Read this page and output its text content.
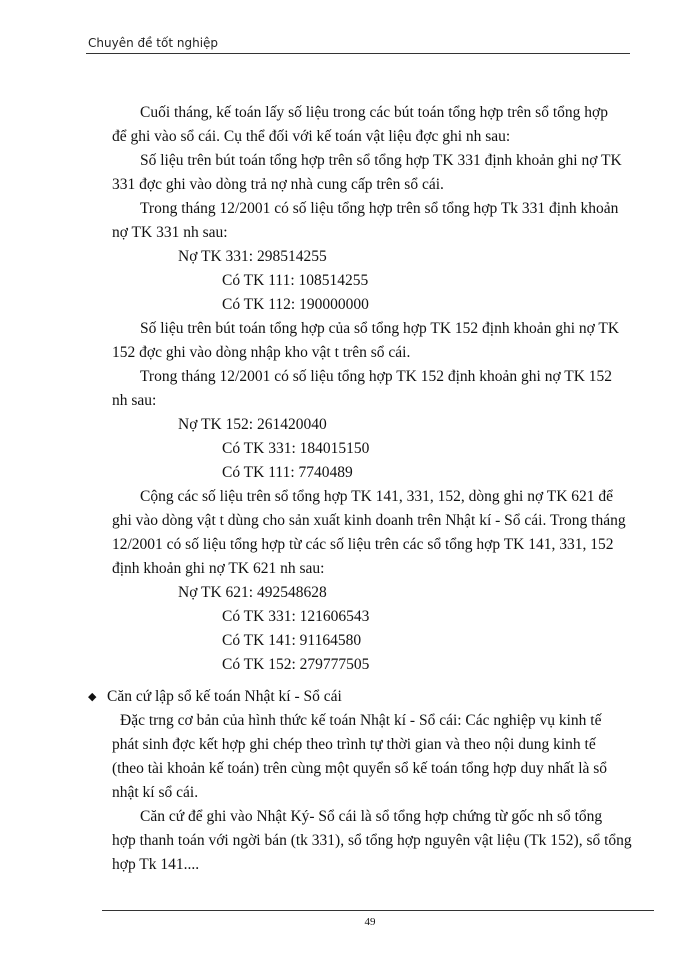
Chuyên đề tốt nghiệp
Cuối tháng, kế toán lấy số liệu trong các bút toán tổng hợp trên sổ tổng hợp
để ghi vào sổ cái. Cụ thể đối với kế toán vật liệu đợc ghi nh sau:
Số liệu trên bút toán tổng hợp trên sổ tổng hợp TK 331 định khoản ghi nợ TK
331 đợc ghi vào dòng trả nợ nhà cung cấp trên sổ cái.
Trong tháng 12/2001 có số liệu tổng hợp trên sổ tổng hợp Tk 331 định khoản
nợ TK 331 nh sau:
Nợ TK 331: 298514255
Có TK 111: 108514255
Có TK 112: 190000000
Số liệu trên bút toán tổng hợp của sổ tổng hợp TK 152 định khoản ghi nợ TK
152 đợc ghi vào dòng nhập kho vật t trên sổ cái.
Trong tháng 12/2001 có số liệu tổng hợp TK 152 định khoản ghi nợ TK 152
nh sau:
Nợ TK 152: 261420040
Có TK 331: 184015150
Có TK 111: 7740489
Cộng các số liệu trên sổ tổng hợp TK 141, 331, 152, dòng ghi nợ TK 621 để
ghi vào dòng vật t dùng cho sản xuất kinh doanh trên Nhật kí - Sổ cái. Trong tháng
12/2001 có số liệu tổng hợp từ các số liệu trên các sổ tổng hợp TK 141, 331, 152
định khoản ghi nợ TK 621 nh sau:
Nợ TK 621: 492548628
Có TK 331: 121606543
Có TK 141: 91164580
Có TK 152: 279777505
◆ Căn cứ lập sổ kế toán Nhật kí - Sổ cái
Đặc trng cơ bản của hình thức kế toán Nhật kí - Sổ cái: Các nghiệp vụ kinh tế
phát sinh đợc kết hợp ghi chép theo trình tự thời gian và theo nội dung kinh tế
(theo tài khoản kế toán) trên cùng một quyển sổ kế toán tổng hợp duy nhất là sổ
nhật kí sổ cái.
Căn cứ để ghi vào Nhật Ký- Sổ cái là sổ tổng hợp chứng từ gốc nh sổ tổng
hợp thanh toán với ngời bán (tk 331), sổ tổng hợp nguyên vật liệu (Tk 152), sổ tổng
hợp Tk 141....
49
